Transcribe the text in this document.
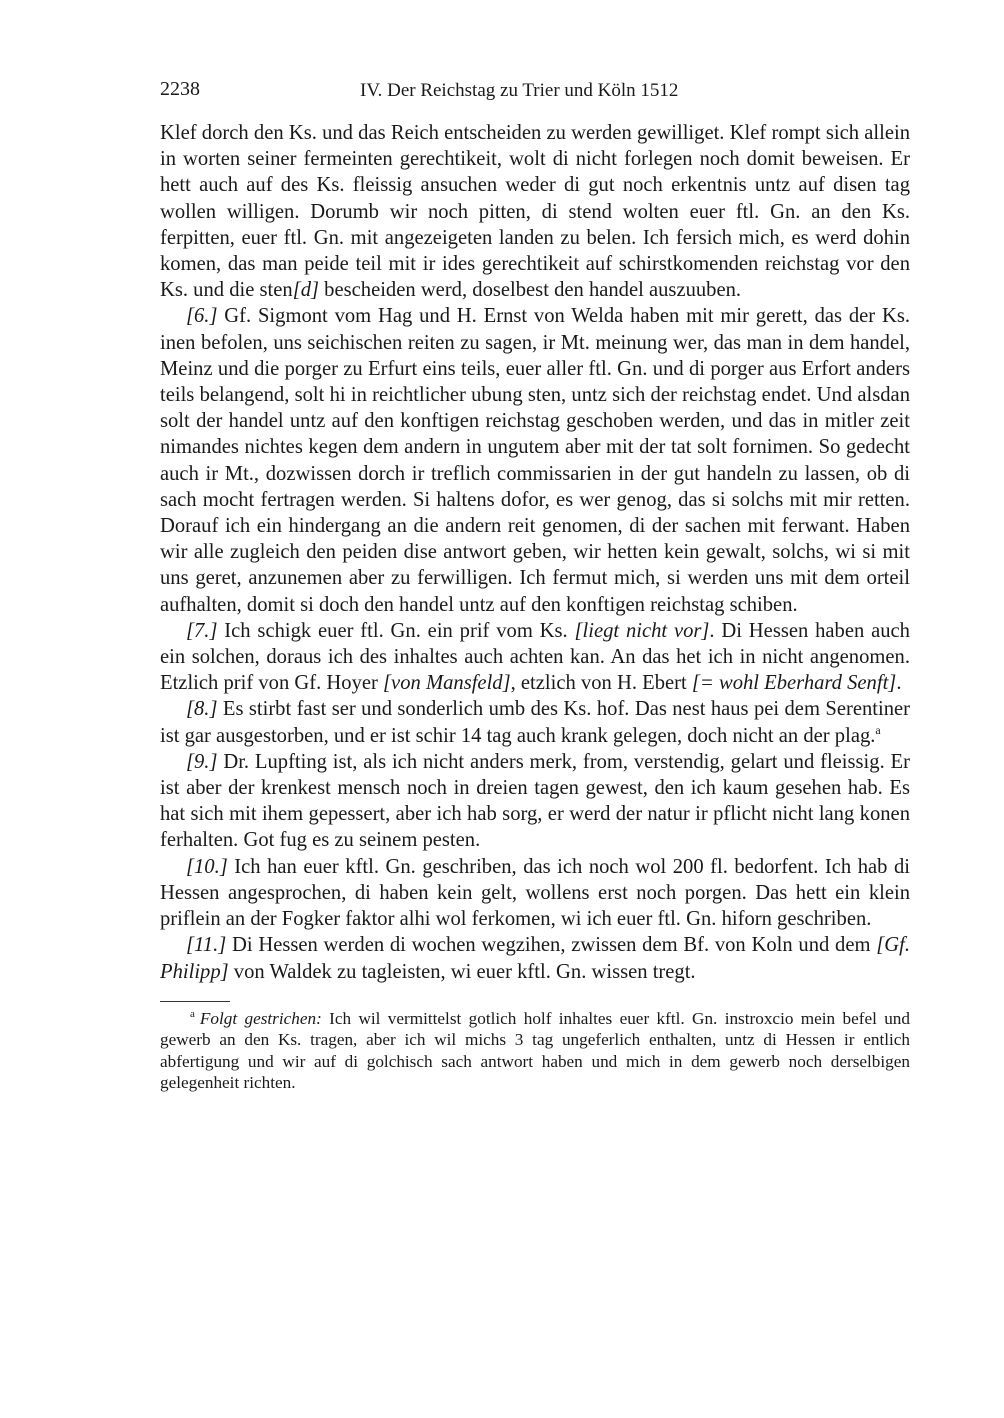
2238	IV. Der Reichstag zu Trier und Köln 1512

Klef dorch den Ks. und das Reich entscheiden zu werden gewilliget. Klef rompt sich allein in worten seiner fermeinten gerechtikeit, wolt di nicht forlegen noch domit beweisen. Er hett auch auf des Ks. fleissig ansuchen weder di gut noch erkentnis untz auf disen tag wollen willigen. Dorumb wir noch pitten, di stend wolten euer ftl. Gn. an den Ks. ferpitten, euer ftl. Gn. mit angezeigeten landen zu belen. Ich fersich mich, es werd dohin komen, das man peide teil mit ir ides gerechtikeit auf schirstkomenden reichstag vor den Ks. und die sten[d] bescheiden werd, doselbest den handel auszuuben.

[6.] Gf. Sigmont vom Hag und H. Ernst von Welda haben mit mir gerett, das der Ks. inen befolen, uns seichischen reiten zu sagen, ir Mt. meinung wer, das man in dem handel, Meinz und die porger zu Erfurt eins teils, euer aller ftl. Gn. und di porger aus Erfort anders teils belangend, solt hi in reichtlicher ubung sten, untz sich der reichstag endet. Und alsdan solt der handel untz auf den konftigen reichstag geschoben werden, und das in mitler zeit nimandes nichtes kegen dem andern in ungutem aber mit der tat solt fornimen. So gedecht auch ir Mt., dozwissen dorch ir treflich commissarien in der gut handeln zu lassen, ob di sach mocht fertragen werden. Si haltens dofor, es wer genog, das si solchs mit mir retten. Dorauf ich ein hindergang an die andern reit genomen, di der sachen mit ferwant. Haben wir alle zugleich den peiden dise antwort geben, wir hetten kein gewalt, solchs, wi si mit uns geret, anzunemen aber zu ferwilligen. Ich fermut mich, si werden uns mit dem orteil aufhalten, domit si doch den handel untz auf den konftigen reichstag schiben.

[7.] Ich schigk euer ftl. Gn. ein prif vom Ks. [liegt nicht vor]. Di Hessen haben auch ein solchen, doraus ich des inhaltes auch achten kan. An das het ich in nicht angenomen. Etzlich prif von Gf. Hoyer [von Mansfeld], etzlich von H. Ebert [= wohl Eberhard Senft].

[8.] Es stirbt fast ser und sonderlich umb des Ks. hof. Das nest haus pei dem Serentiner ist gar ausgestorben, und er ist schir 14 tag auch krank gelegen, doch nicht an der plag.$^a$

[9.] Dr. Lupfting ist, als ich nicht anders merk, from, verstendig, gelart und fleissig. Er ist aber der krenkest mensch noch in dreien tagen gewest, den ich kaum gesehen hab. Es hat sich mit ihem gepessert, aber ich hab sorg, er werd der natur ir pflicht nicht lang konen ferhalten. Got fug es zu seinem pesten.

[10.] Ich han euer kftl. Gn. geschriben, das ich noch wol 200 fl. bedorfent. Ich hab di Hessen angesprochen, di haben kein gelt, wollens erst noch porgen. Das hett ein klein priflein an der Fogker faktor alhi wol ferkomen, wi ich euer ftl. Gn. hiforn geschriben.

[11.] Di Hessen werden di wochen wegzihen, zwissen dem Bf. von Koln und dem [Gf. Philipp] von Waldek zu tagleisten, wi euer kftl. Gn. wissen tregt.

$^a$ Folgt gestrichen: Ich wil vermittelst gotlich holf inhaltes euer kftl. Gn. instroxcio mein befel und gewerb an den Ks. tragen, aber ich wil michs 3 tag ungeferlich enthalten, untz di Hessen ir entlich abfertigung und wir auf di golchisch sach antwort haben und mich in dem gewerb noch derselbigen gelegenheit richten.
